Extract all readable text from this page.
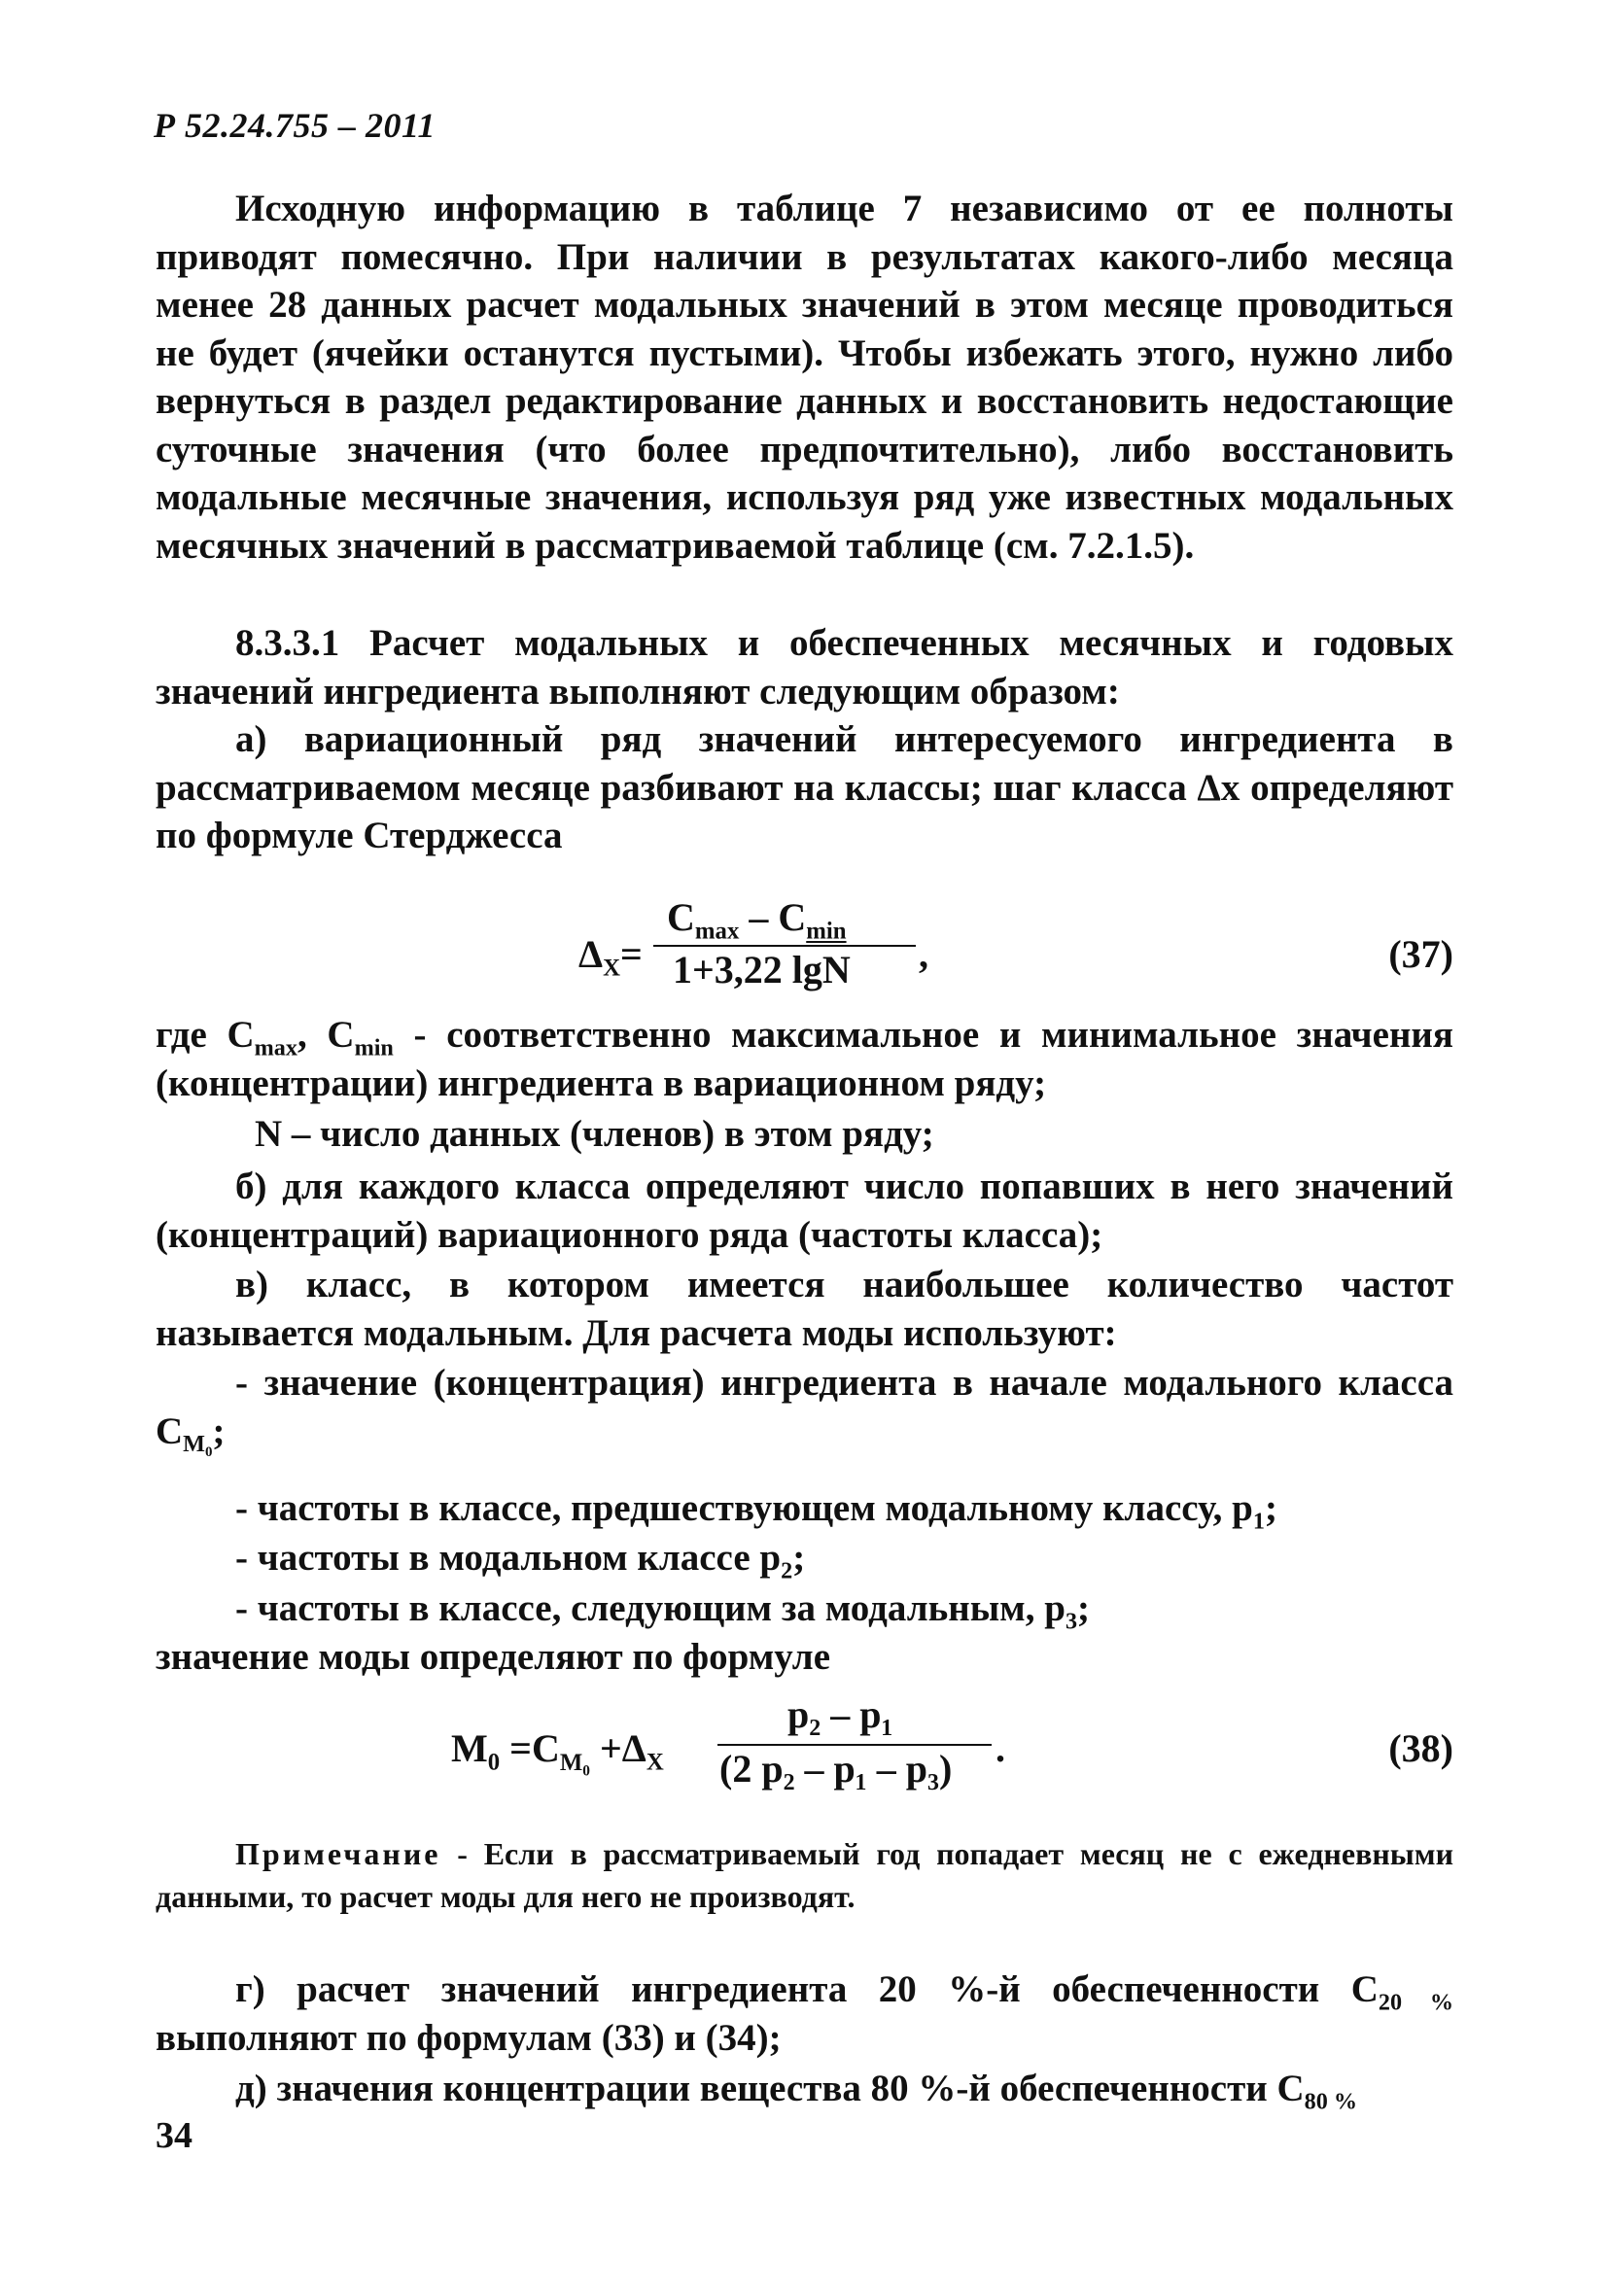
Р 52.24.755 – 2011
Исходную информацию в таблице 7 независимо от ее полноты приводят помесячно. При наличии в результатах какого-либо месяца менее 28 данных расчет модальных значений в этом месяце проводиться не будет (ячейки останутся пустыми). Чтобы избежать этого, нужно либо вернуться в раздел редактирование данных и восстановить недостающие суточные значения (что более предпочтительно), либо восстановить модальные месячные значения, используя ряд уже известных модальных месячных значений в рассматриваемой таблице (см. 7.2.1.5).
8.3.3.1 Расчет модальных и обеспеченных месячных и годовых значений ингредиента выполняют следующим образом:
а) вариационный ряд значений интересуемого ингредиента в рассматриваемом месяце разбивают на классы; шаг класса Δx определяют по формуле Стерджесса
$\Delta_X=$
$C_{max} - C_{min}$
1+3,22 lgN ,	(37)
где $C_{max}$, $C_{min}$ - соответственно максимальное и минимальное значения (концентрации) ингредиента в вариационном ряду;
N – число данных (членов) в этом ряду;
б) для каждого класса определяют число попавших в него значений (концентраций) вариационного ряда (частоты класса);
в) класс, в котором имеется наибольшее количество частот называется модальным. Для расчета моды используют:
- значение (концентрация) ингредиента в начале модального класса $C_{M_0}$;
- частоты в классе, предшествующем модальному классу, $p_1$;
- частоты в модальном классе $p_2$;
- частоты в классе, следующим за модальным, $p_3$;
значение моды определяют по формуле
$M_0 =C_{M_0} +\Delta_X$
p₂ – p₁
(2 p₂ – p₁ – p₃) .	(38)
Примечание - Если в рассматриваемый год попадает месяц не с ежедневными данными, то расчет моды для него не производят.
г) расчет значений ингредиента 20 %-й обеспеченности $C_{20 \%}$ выполняют по формулам (33) и (34);
д) значения концентрации вещества 80 %-й обеспеченности $C_{80 \%}$
34
